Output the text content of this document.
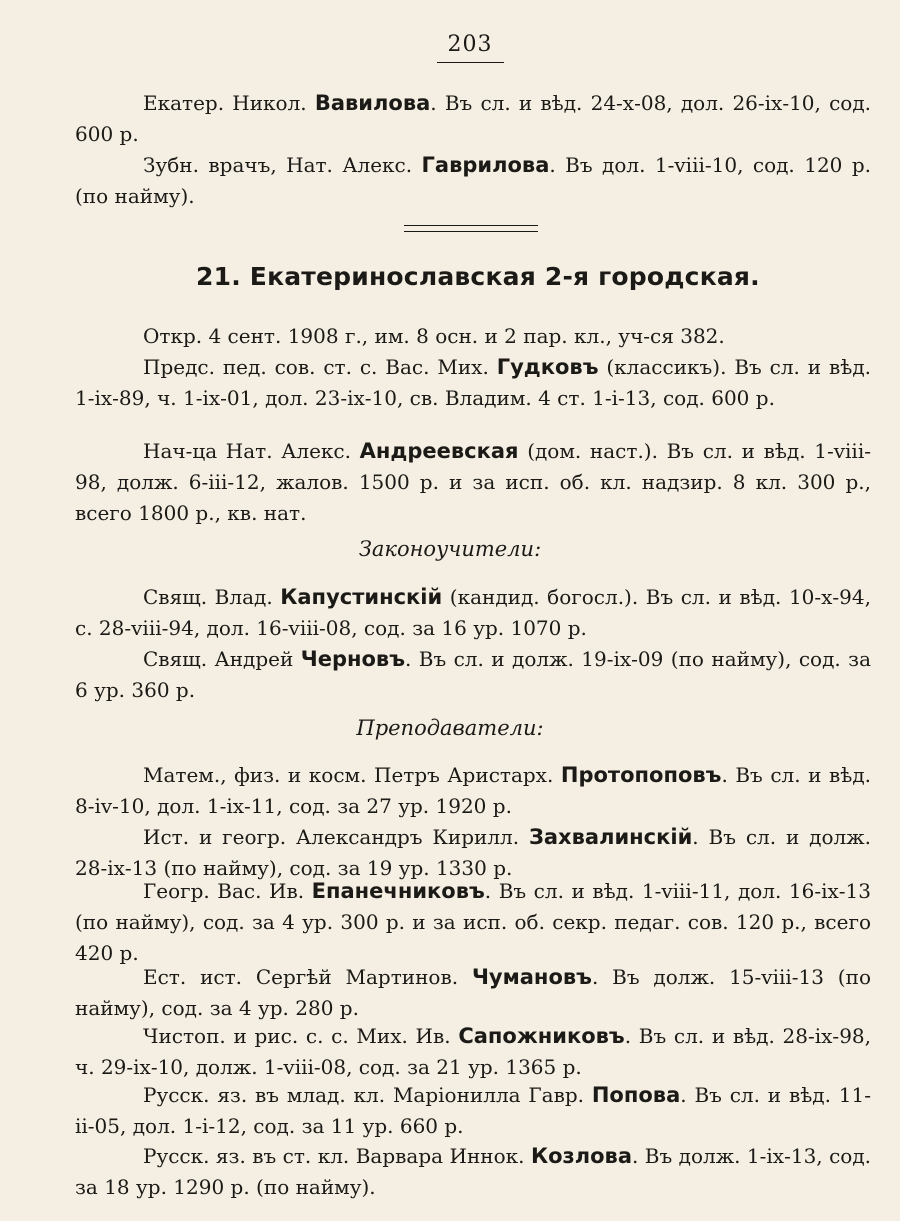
203

Екатер. Никол. Вавилова. Въ сл. и вѣд. 24-х-08, дол. 26-іх-10, сод. 600 р.

Зубн. врачъ, Нат. Алекс. Гаврилова. Въ дол. 1-viii-10, сод. 120 р. (по найму).

21. Екатеринославская 2-я городская.

Откр. 4 сент. 1908 г., им. 8 осн. и 2 пар. кл., уч-ся 382.

Предс. пед. сов. ст. с. Вас. Мих. Гудковъ (классикъ). Въ сл. и вѣд. 1-іх-89, ч. 1-іх-01, дол. 23-іх-10, св. Владим. 4 ст. 1-і-13, сод. 600 р.

Нач-ца Нат. Алекс. Андреевская (дом. наст.). Въ сл. и вѣд. 1-viii-98, долж. 6-ііі-12, жалов. 1500 р. и за исп. об. кл. надзир. 8 кл. 300 р., всего 1800 р., кв. нат.

Законоучители:

Свящ. Влад. Капустинскій (кандид. богосл.). Въ сл. и вѣд. 10-х-94, с. 28-viii-94, дол. 16-viii-08, сод. за 16 ур. 1070 р.

Свящ. Андрей Черновъ. Въ сл. и долж. 19-іх-09 (по найму), сод. за 6 ур. 360 р.

Преподаватели:

Матем., физ. и косм. Петръ Аристарх. Протопоповъ. Въ сл. и вѣд. 8-iv-10, дол. 1-іх-11, сод. за 27 ур. 1920 р.

Ист. и геогр. Александръ Кирилл. Захвалинскій. Въ сл. и долж. 28-іх-13 (по найму), сод. за 19 ур. 1330 р.

Геогр. Вас. Ив. Епанечниковъ. Въ сл. и вѣд. 1-viii-11, дол. 16-іх-13 (по найму), сод. за 4 ур. 300 р. и за исп. об. секр. педаг. сов. 120 р., всего 420 р.

Ест. ист. Сергѣй Мартинов. Чумановъ. Въ долж. 15-viii-13 (по найму), сод. за 4 ур. 280 р.

Чистоп. и рис. с. с. Мих. Ив. Сапожниковъ. Въ сл. и вѣд. 28-іх-98, ч. 29-іх-10, долж. 1-viii-08, сод. за 21 ур. 1365 р.

Русск. яз. въ млад. кл. Маріонилла Гавр. Попова. Въ сл. и вѣд. 11-іі-05, дол. 1-і-12, сод. за 11 ур. 660 р.

Русск. яз. въ ст. кл. Варвара Иннок. Козлова. Въ долж. 1-іх-13, сод. за 18 ур. 1290 р. (по найму).
